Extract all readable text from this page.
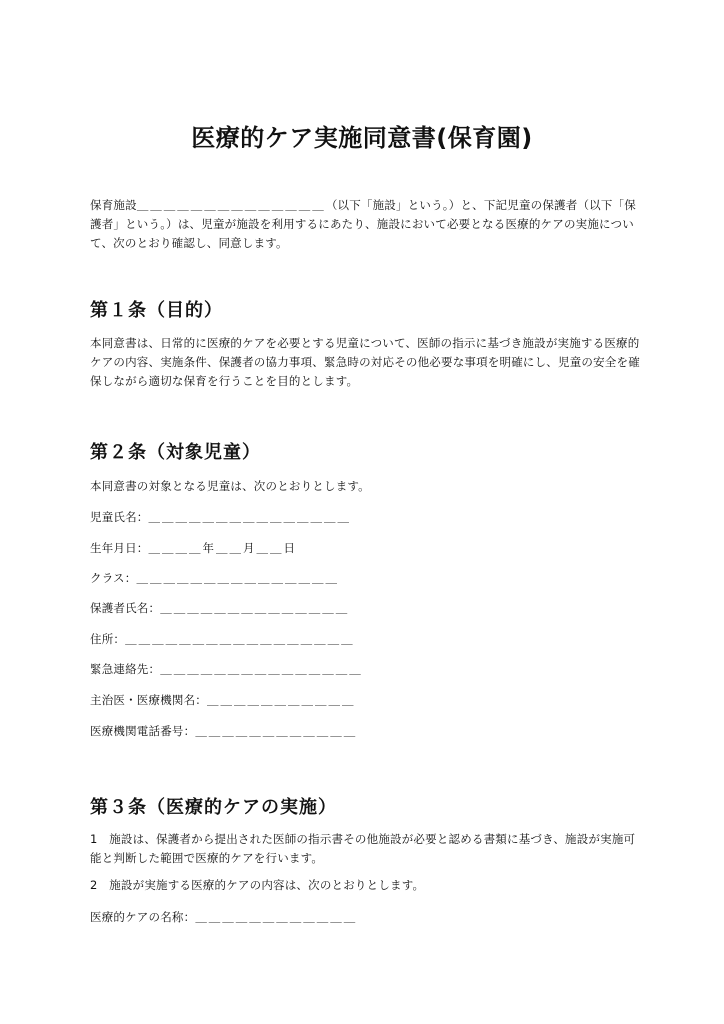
医療的ケア実施同意書(保育園)
保育施設＿＿＿＿＿＿＿＿＿＿＿＿＿＿（以下「施設」という。）と、下記児童の保護者（以下「保護者」という。）は、児童が施設を利用するにあたり、施設において必要となる医療的ケアの実施について、次のとおり確認し、同意します。
第１条（目的）
本同意書は、日常的に医療的ケアを必要とする児童について、医師の指示に基づき施設が実施する医療的ケアの内容、実施条件、保護者の協力事項、緊急時の対応その他必要な事項を明確にし、児童の安全を確保しながら適切な保育を行うことを目的とします。
第２条（対象児童）
本同意書の対象となる児童は、次のとおりとします。
児童氏名：＿＿＿＿＿＿＿＿＿＿＿＿＿＿＿
生年月日：＿＿＿＿年＿＿月＿＿日
クラス：＿＿＿＿＿＿＿＿＿＿＿＿＿＿＿
保護者氏名：＿＿＿＿＿＿＿＿＿＿＿＿＿＿
住所：＿＿＿＿＿＿＿＿＿＿＿＿＿＿＿＿＿
緊急連絡先：＿＿＿＿＿＿＿＿＿＿＿＿＿＿＿
主治医・医療機関名：＿＿＿＿＿＿＿＿＿＿＿
医療機関電話番号：＿＿＿＿＿＿＿＿＿＿＿＿
第３条（医療的ケアの実施）
1　施設は、保護者から提出された医師の指示書その他施設が必要と認める書類に基づき、施設が実施可能と判断した範囲で医療的ケアを行います。
2　施設が実施する医療的ケアの内容は、次のとおりとします。
医療的ケアの名称：＿＿＿＿＿＿＿＿＿＿＿＿
